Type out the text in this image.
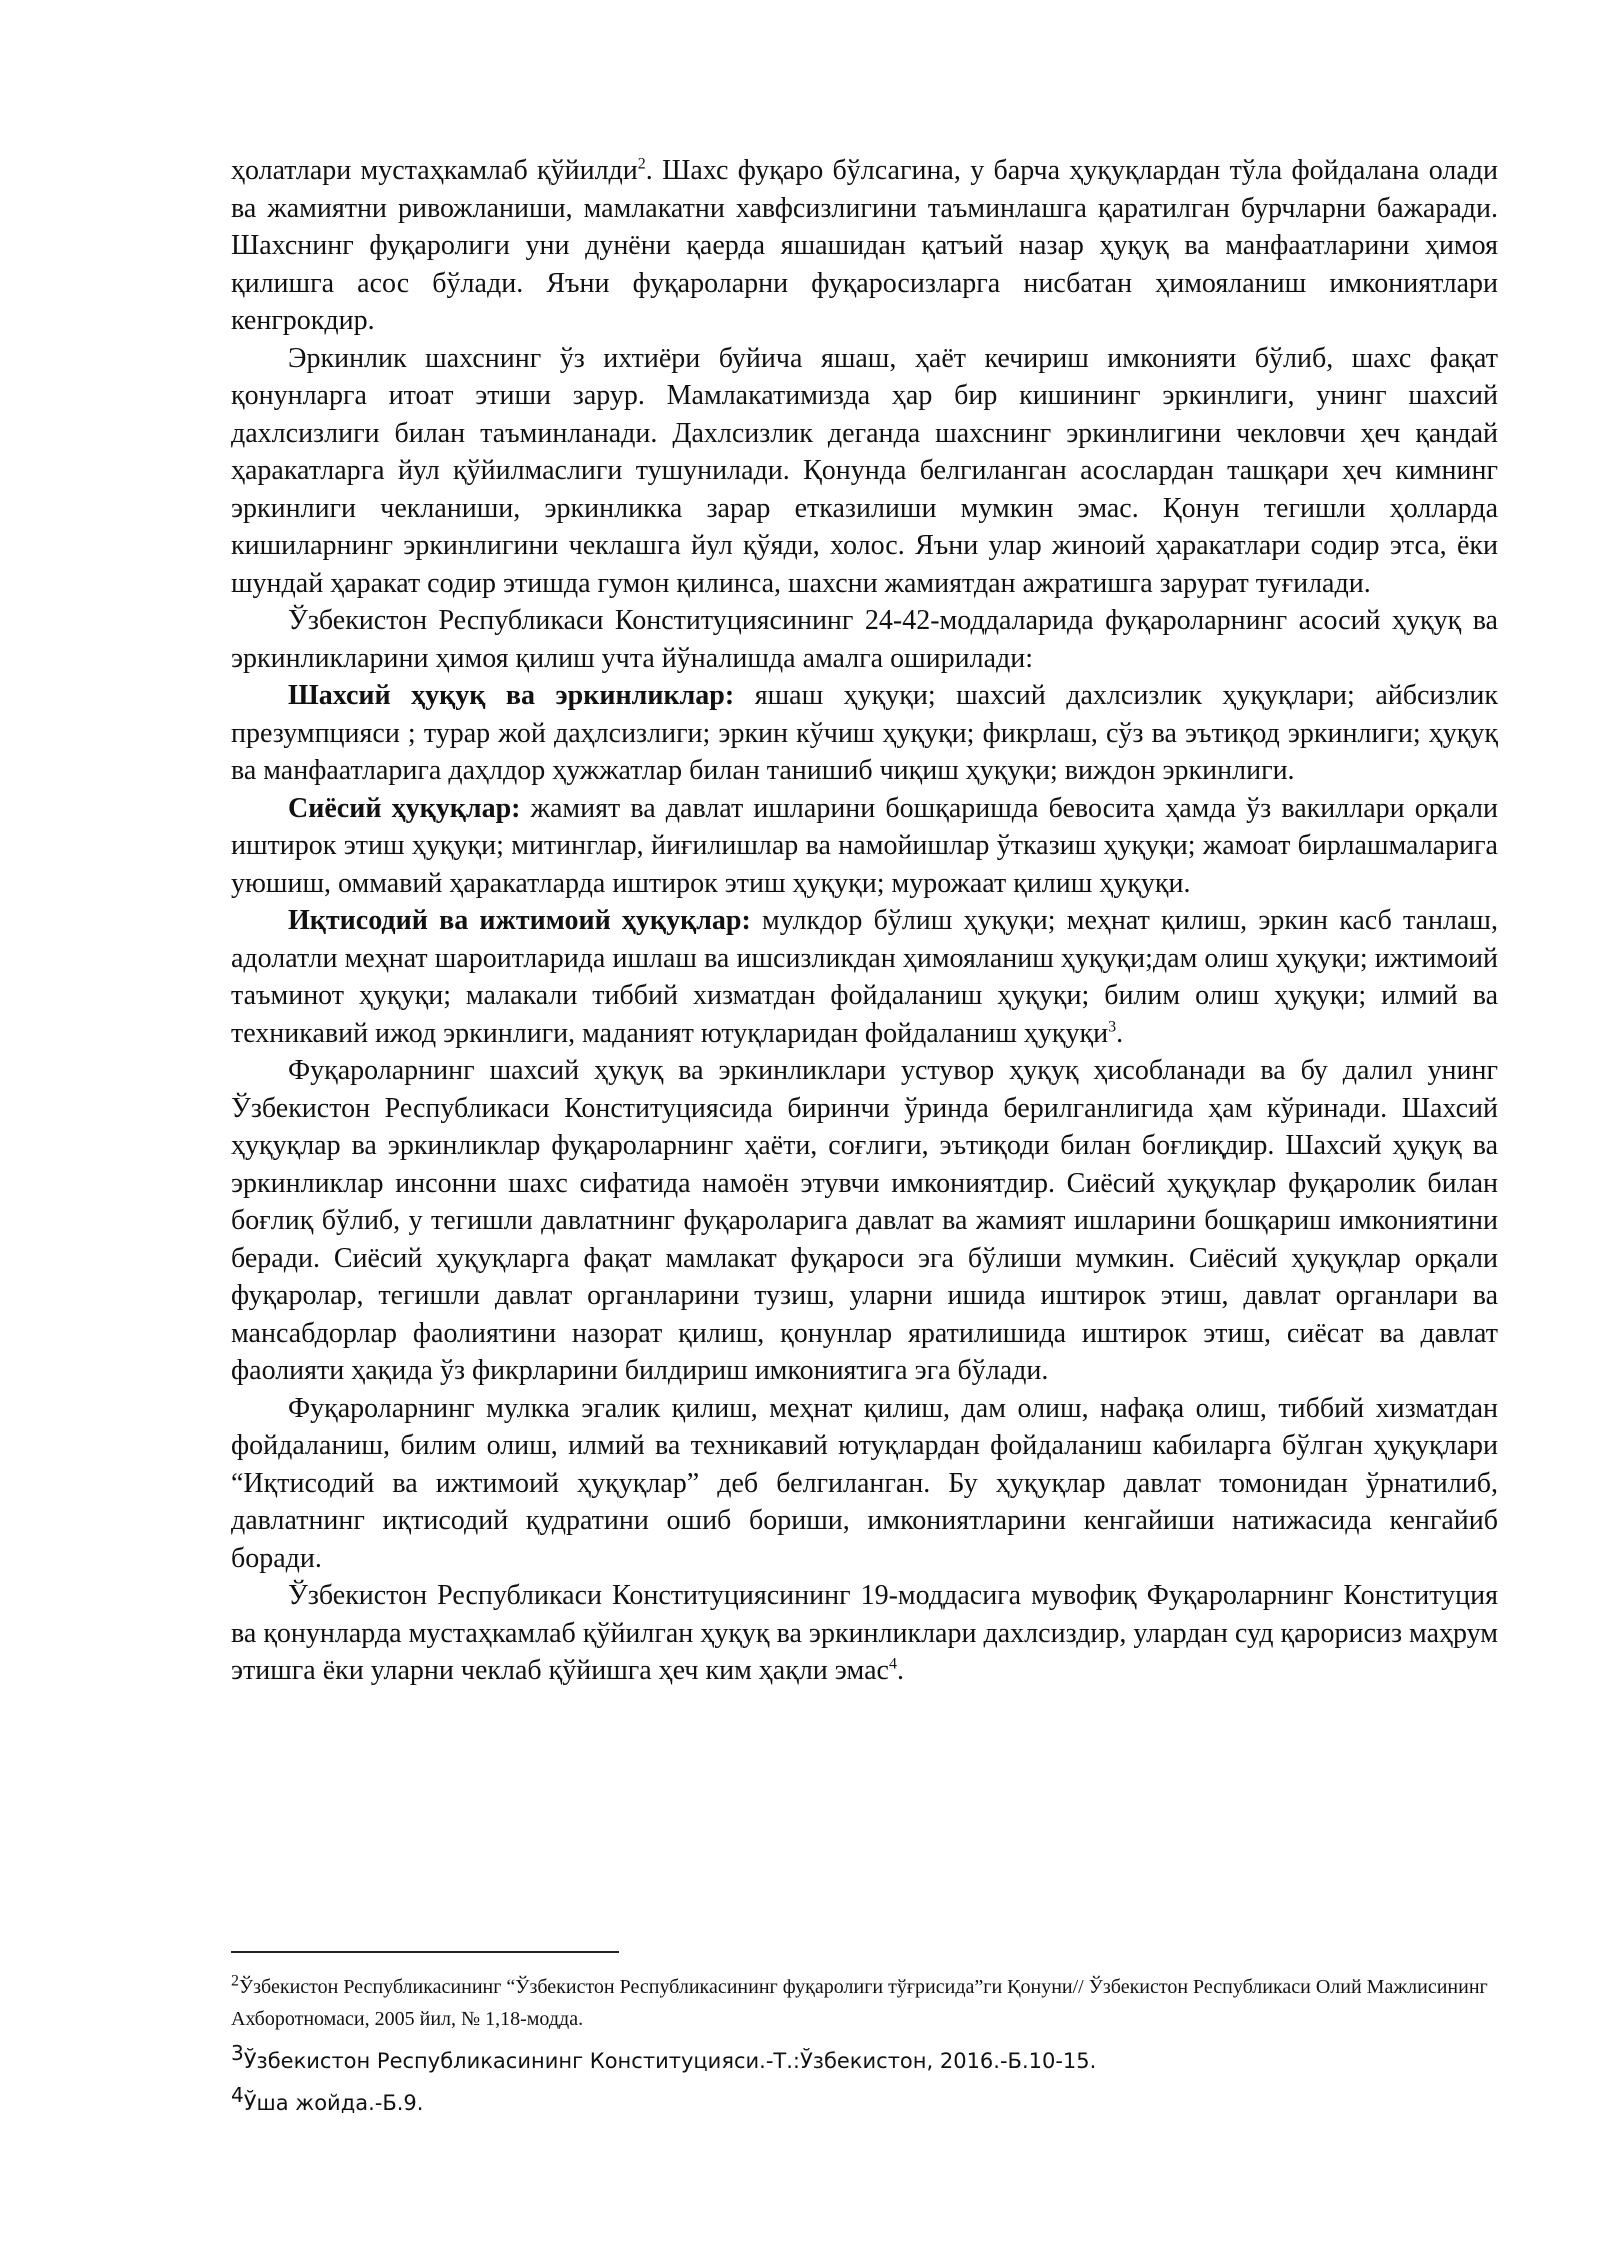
ҳолатлари мустаҳкамлаб қўйилди$^2$. Шахс фуқаро бўлсагина, у барча ҳуқуқлардан тўла фойдалана олади ва жамиятни ривожланиши, мамлакатни хавфсизлигини таъминлашга қаратилган бурчларни бажаради. Шахснинг фуқаролиги уни дунёни қаерда яшашидан қатъий назар ҳуқуқ ва манфаатларини ҳимоя қилишга асос бўлади. Яъни фуқароларни фуқаросизларга нисбатан ҳимояланиш имкониятлари кенгрокдир.

Эркинлик шахснинг ўз ихтиёри буйича яшаш, ҳаёт кечириш имконияти бўлиб, шахс фақат қонунларга итоат этиши зарур. Мамлакатимизда ҳар бир кишининг эркинлиги, унинг шахсий дахлсизлиги билан таъминланади. Дахлсизлик деганда шахснинг эркинлигини чекловчи ҳеч қандай ҳаракатларга йул қўйилмаслиги тушунилади. Қонунда белгиланган асослардан ташқари ҳеч кимнинг эркинлиги чекланиши, эркинликка зарар етказилиши мумкин эмас. Қонун тегишли ҳолларда кишиларнинг эркинлигини чеклашга йул қўяди, холос. Яъни улар жиноий ҳаракатлари содир этса, ёки шундай ҳаракат содир этишда гумон қилинса, шахсни жамиятдан ажратишга зарурат туғилади.

Ўзбекистон Республикаси Конституциясининг 24-42-моддаларида фуқароларнинг асосий ҳуқуқ ва эркинликларини ҳимоя қилиш учта йўналишда амалга оширилади:

Шахсий ҳуқуқ ва эркинликлар: яшаш ҳуқуқи; шахсий дахлсизлик ҳуқуқлари; айбсизлик презумпцияси ; турар жой даҳлсизлиги; эркин кўчиш ҳуқуқи; фикрлаш, сўз ва эътиқод эркинлиги; ҳуқуқ ва манфаатларига даҳлдор ҳужжатлар билан танишиб чиқиш ҳуқуқи; виждон эркинлиги.

Сиёсий ҳуқуқлар: жамият ва давлат ишларини бошқаришда бевосита ҳамда ўз вакиллари орқали иштирок этиш ҳуқуқи; митинглар, йиғилишлар ва намойишлар ўтказиш ҳуқуқи; жамоат бирлашмаларига уюшиш, оммавий ҳаракатларда иштирок этиш ҳуқуқи; мурожаат қилиш ҳуқуқи.

Иқтисодий ва ижтимоий ҳуқуқлар: мулкдор бўлиш ҳуқуқи; меҳнат қилиш, эркин касб танлаш, адолатли меҳнат шароитларида ишлаш ва ишсизликдан ҳимояланиш ҳуқуқи;дам олиш ҳуқуқи; ижтимоий таъминот ҳуқуқи; малакали тиббий хизматдан фойдаланиш ҳуқуқи; билим олиш ҳуқуқи; илмий ва техникавий ижод эркинлиги, маданият ютуқларидан фойдаланиш ҳуқуқи$^3$.

Фуқароларнинг шахсий ҳуқуқ ва эркинликлари устувор ҳуқуқ ҳисобланади ва бу далил унинг Ўзбекистон Республикаси Конституциясида биринчи ўринда берилганлигида ҳам кўринади. Шахсий ҳуқуқлар ва эркинликлар фуқароларнинг ҳаёти, соғлиги, эътиқоди билан боғлиқдир. Шахсий ҳуқуқ ва эркинликлар инсонни шахс сифатида намоён этувчи имкониятдир. Сиёсий ҳуқуқлар фуқаролик билан боғлиқ бўлиб, у тегишли давлатнинг фуқароларига давлат ва жамият ишларини бошқариш имкониятини беради. Сиёсий ҳуқуқларга фақат мамлакат фуқароси эга бўлиши мумкин. Сиёсий ҳуқуқлар орқали фуқаролар, тегишли давлат органларини тузиш, уларни ишида иштирок этиш, давлат органлари ва мансабдорлар фаолиятини назорат қилиш, қонунлар яратилишида иштирок этиш, сиёсат ва давлат фаолияти ҳақида ўз фикрларини билдириш имкониятига эга бўлади.

Фуқароларнинг мулкка эгалик қилиш, меҳнат қилиш, дам олиш, нафақа олиш, тиббий хизматдан фойдаланиш, билим олиш, илмий ва техникавий ютуқлардан фойдаланиш кабиларга бўлган ҳуқуқлари “Иқтисодий ва ижтимоий ҳуқуқлар” деб белгиланган. Бу ҳуқуқлар давлат томонидан ўрнатилиб, давлатнинг иқтисодий қудратини ошиб бориши, имкониятларини кенгайиши натижасида кенгайиб боради.

Ўзбекистон Республикаси Конституциясининг 19-моддасига мувофиқ Фуқароларнинг Конституция ва қонунларда мустаҳкамлаб қўйилган ҳуқуқ ва эркинликлари дахлсиздир, улардан суд қарорисиз маҳрум этишга ёки уларни чеклаб қўйишга ҳеч ким ҳақли эмас$^4$.

$^2$Ўзбекистон Республикасининг “Ўзбекистон Республикасининг фуқаролиги тўғрисида”ги Қонуни// Ўзбекистон Республикаси Олий Мажлисининг Ахборотномаси, 2005 йил, № 1,18-модда.

3Ўзбекистон Республикасининг Конституцияси.-Т.:Ўзбекистон, 2016.-Б.10-15.

4Ўша жойда.-Б.9.
